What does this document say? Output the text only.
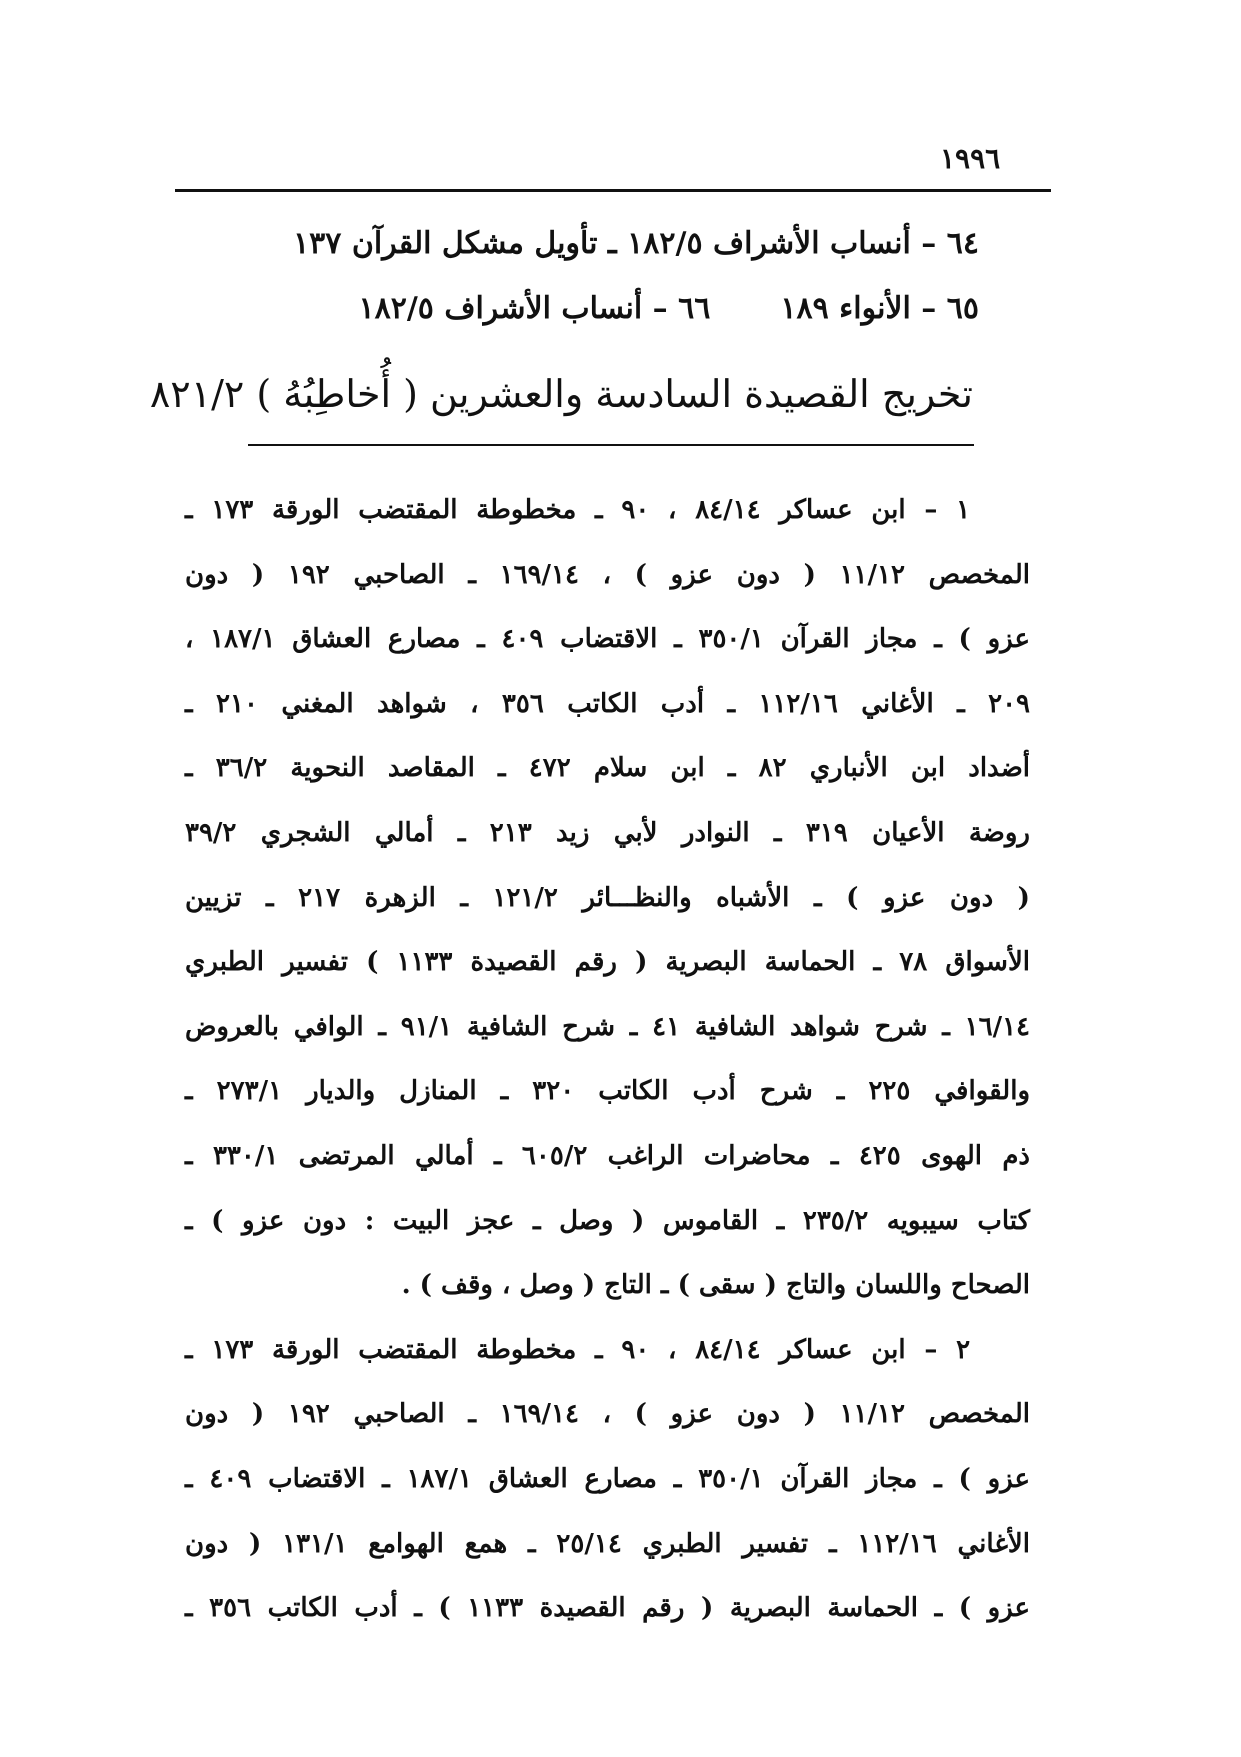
١٩٩٦
٦٤ – أنساب الأشراف ١٨٢/٥ ـ تأويل مشكل القرآن ١٣٧
٦٥ – الأنواء ١٨٩٦٦ – أنساب الأشراف ١٨٢/٥
تخريج القصيدة السادسة والعشرين ( أُخاطِبُهُ ) ٨٢١/٢
١ – ابن عساكر ٨٤/١٤ ، ٩٠ ـ مخطوطة المقتضب الورقة ١٧٣ ـ
المخصص ١١/١٢ ( دون عزو ) ، ١٦٩/١٤ ـ الصاحبي ١٩٢ ( دون
عزو ) ـ مجاز القرآن ٣٥٠/١ ـ الاقتضاب ٤٠٩ ـ مصارع العشاق ١٨٧/١ ،
٢٠٩ ـ الأغاني ١١٢/١٦ ـ أدب الكاتب ٣٥٦ ، شواهد المغني ٢١٠ ـ
أضداد ابن الأنباري ٨٢ ـ ابن سلام ٤٧٢ ـ المقاصد النحوية ٣٦/٢ ـ
روضة الأعيان ٣١٩ ـ النوادر لأبي زيد ٢١٣ ـ أمالي الشجري ٣٩/٢
( دون عزو ) ـ الأشباه والنظـــائر ١٢١/٢ ـ الزهرة ٢١٧ ـ تزيين
الأسواق ٧٨ ـ الحماسة البصرية ( رقم القصيدة ١١٣٣ ) تفسير الطبري
١٦/١٤ ـ شرح شواهد الشافية ٤١ ـ شرح الشافية ٩١/١ ـ الوافي بالعروض
والقوافي ٢٢٥ ـ شرح أدب الكاتب ٣٢٠ ـ المنازل والديار ٢٧٣/١ ـ
ذم الهوى ٤٢٥ ـ محاضرات الراغب ٦٠٥/٢ ـ أمالي المرتضى ٣٣٠/١ ـ
كتاب سيبويه ٢٣٥/٢ ـ القاموس ( وصل ـ عجز البيت : دون عزو ) ـ
الصحاح واللسان والتاج ( سقى ) ـ التاج ( وصل ، وقف ) .
٢ – ابن عساكر ٨٤/١٤ ، ٩٠ ـ مخطوطة المقتضب الورقة ١٧٣ ـ
المخصص ١١/١٢ ( دون عزو ) ، ١٦٩/١٤ ـ الصاحبي ١٩٢ ( دون
عزو ) ـ مجاز القرآن ٣٥٠/١ ـ مصارع العشاق ١٨٧/١ ـ الاقتضاب ٤٠٩ ـ
الأغاني ١١٢/١٦ ـ تفسير الطبري ٢٥/١٤ ـ همع الهوامع ١٣١/١ ( دون
عزو ) ـ الحماسة البصرية ( رقم القصيدة ١١٣٣ ) ـ أدب الكاتب ٣٥٦ ـ
